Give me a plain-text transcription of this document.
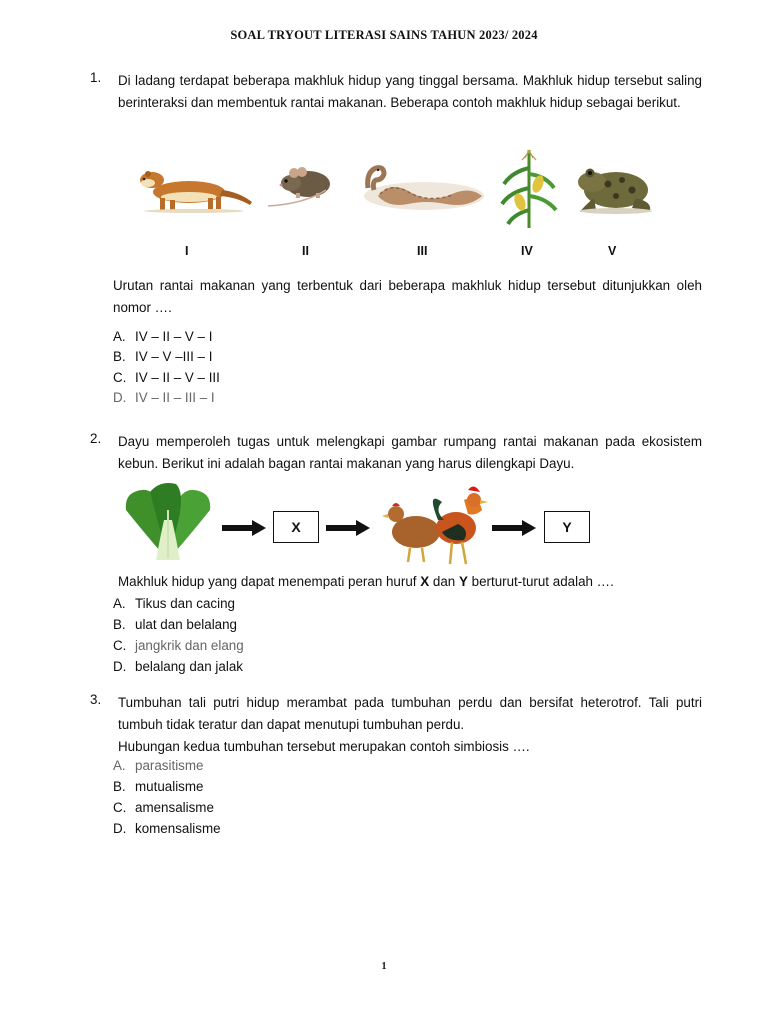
SOAL TRYOUT LITERASI SAINS TAHUN 2023/ 2024
1. Di ladang terdapat beberapa makhluk hidup yang tinggal bersama. Makhluk hidup tersebut saling berinteraksi dan membentuk rantai makanan. Beberapa contoh makhluk hidup sebagai berikut.
I	II	III	IV	V
Urutan rantai makanan yang terbentuk dari beberapa makhluk hidup tersebut ditunjukkan oleh nomor ….
A. IV – II – V – I
B. IV – V –III – I
C. IV – II – V – III
D. IV – II – III – I
2. Dayu memperoleh tugas untuk melengkapi gambar rumpang rantai makanan pada ekosistem kebun. Berikut ini adalah bagan rantai makanan yang harus dilengkapi Dayu.
X	Y
Makhluk hidup yang dapat menempati peran huruf X dan Y berturut-turut adalah ….
A. Tikus dan cacing
B. ulat dan belalang
C. jangkrik dan elang
D. belalang dan jalak
3. Tumbuhan tali putri hidup merambat pada tumbuhan perdu dan bersifat heterotrof. Tali putri tumbuh tidak teratur dan dapat menutupi tumbuhan perdu.
Hubungan kedua tumbuhan tersebut merupakan contoh simbiosis ….
A. parasitisme
B. mutualisme
C. amensalisme
D. komensalisme
1
